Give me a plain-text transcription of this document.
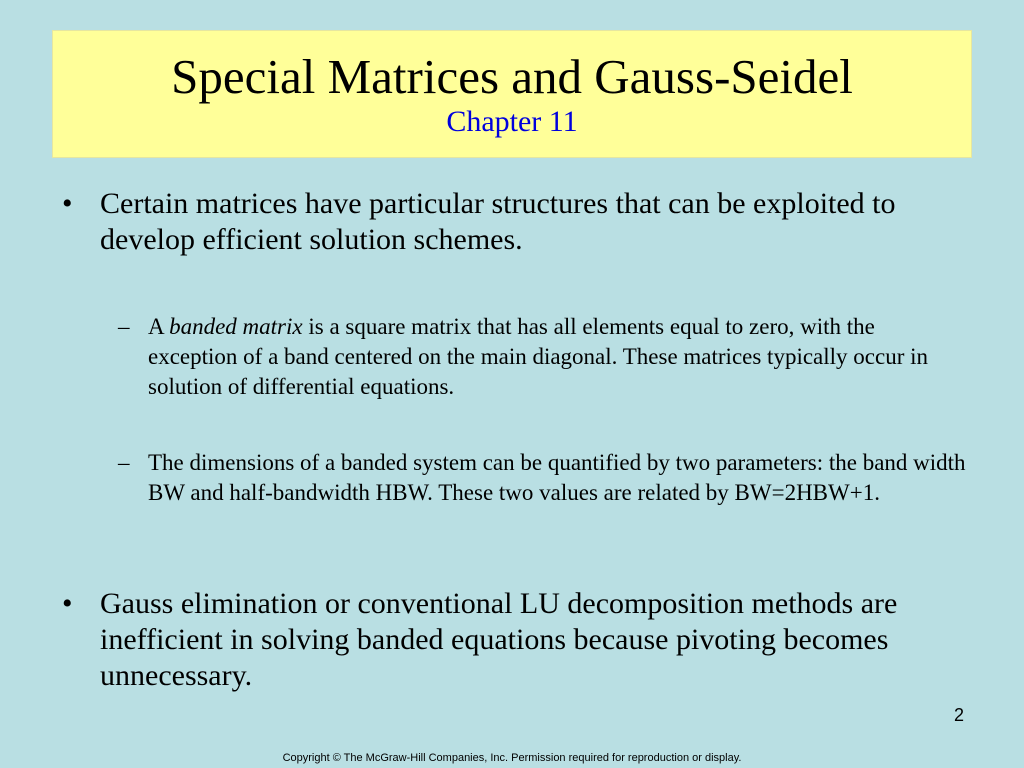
Special Matrices and Gauss-Seidel
Chapter 11
• Certain matrices have particular structures that can be exploited to develop efficient solution schemes.
– A banded matrix is a square matrix that has all elements equal to zero, with the exception of a band centered on the main diagonal. These matrices typically occur in solution of differential equations.
– The dimensions of a banded system can be quantified by two parameters: the band width BW and half-bandwidth HBW. These two values are related by BW=2HBW+1.
• Gauss elimination or conventional LU decomposition methods are inefficient in solving banded equations because pivoting becomes unnecessary.
2
Copyright © The McGraw-Hill Companies, Inc. Permission required for reproduction or display.
